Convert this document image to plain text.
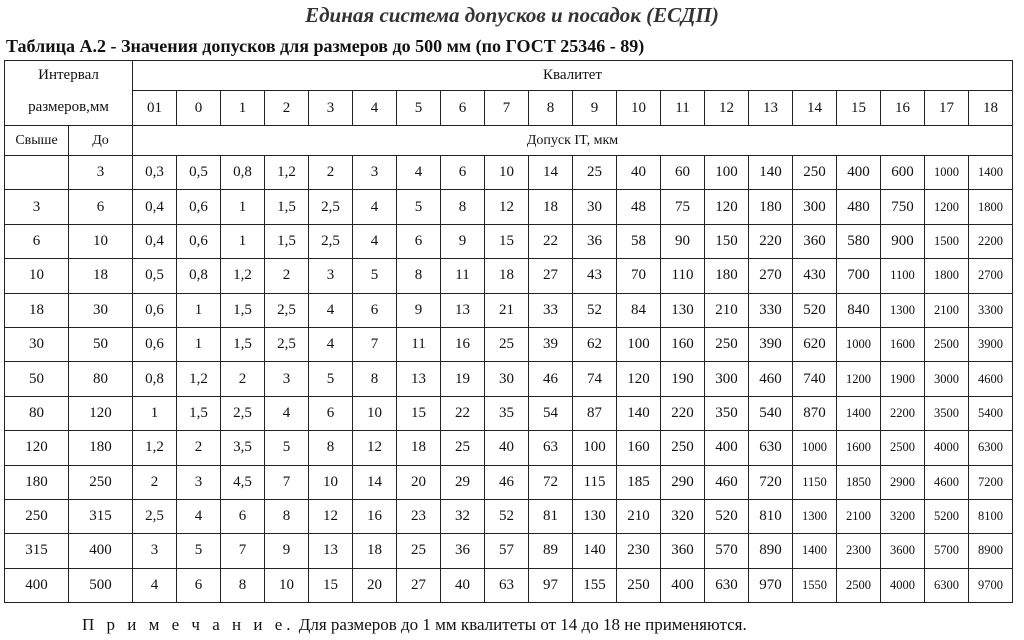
Единая система допусков и посадок (ЕСДП)
Таблица А.2 - Значения допусков для размеров до 500 мм (по ГОСТ 25346 - 89)
Интервал		Квалитет																			
размеров,мм		01	0	1	2	3	4	5	6	7	8	9	10	11	12	13	14	15	16	17	18
Свыше	До	Допуск IT, мкм																			
	3	0,3	0,5	0,8	1,2	2	3	4	6	10	14	25	40	60	100	140	250	400	600	1000	1400
3	6	0,4	0,6	1	1,5	2,5	4	5	8	12	18	30	48	75	120	180	300	480	750	1200	1800
6	10	0,4	0,6	1	1,5	2,5	4	6	9	15	22	36	58	90	150	220	360	580	900	1500	2200
10	18	0,5	0,8	1,2	2	3	5	8	11	18	27	43	70	110	180	270	430	700	1100	1800	2700
18	30	0,6	1	1,5	2,5	4	6	9	13	21	33	52	84	130	210	330	520	840	1300	2100	3300
30	50	0,6	1	1,5	2,5	4	7	11	16	25	39	62	100	160	250	390	620	1000	1600	2500	3900
50	80	0,8	1,2	2	3	5	8	13	19	30	46	74	120	190	300	460	740	1200	1900	3000	4600
80	120	1	1,5	2,5	4	6	10	15	22	35	54	87	140	220	350	540	870	1400	2200	3500	5400
120	180	1,2	2	3,5	5	8	12	18	25	40	63	100	160	250	400	630	1000	1600	2500	4000	6300
180	250	2	3	4,5	7	10	14	20	29	46	72	115	185	290	460	720	1150	1850	2900	4600	7200
250	315	2,5	4	6	8	12	16	23	32	52	81	130	210	320	520	810	1300	2100	3200	5200	8100
315	400	3	5	7	9	13	18	25	36	57	89	140	230	360	570	890	1400	2300	3600	5700	8900
400	500	4	6	8	10	15	20	27	40	63	97	155	250	400	630	970	1550	2500	4000	6300	9700
П р и м е ч а н и е. Для размеров до 1 мм квалитеты от 14 до 18 не применяются.
